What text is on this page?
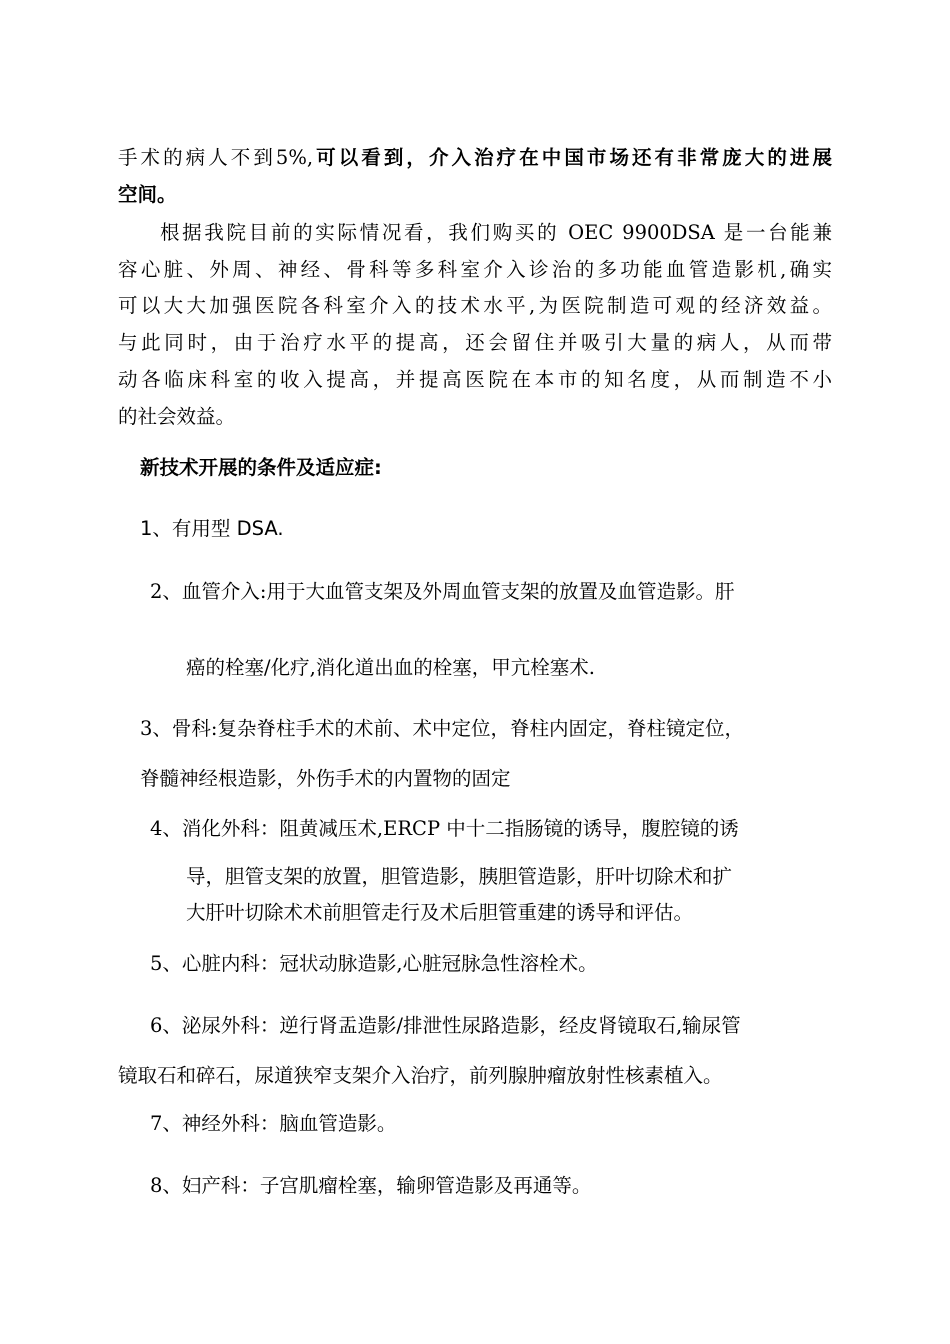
手术的病人不到5%,可以看到，介入治疗在中国市场还有非常庞大的进展
空间。
根据我院目前的实际情况看，我们购买的 OEC 9900DSA 是一台能兼
容心脏、外周、神经、骨科等多科室介入诊治的多功能血管造影机,确实
可以大大加强医院各科室介入的技术水平,为医院制造可观的经济效益。
与此同时，由于治疗水平的提高，还会留住并吸引大量的病人，从而带
动各临床科室的收入提高，并提高医院在本市的知名度，从而制造不小
的社会效益。
新技术开展的条件及适应症:
1、有用型 DSA.
2、血管介入:用于大血管支架及外周血管支架的放置及血管造影。肝
癌的栓塞/化疗,消化道出血的栓塞，甲亢栓塞术.
3、骨科:复杂脊柱手术的术前、术中定位，脊柱内固定，脊柱镜定位，
脊髓神经根造影，外伤手术的内置物的固定
4、消化外科：阻黄减压术,ERCP 中十二指肠镜的诱导，腹腔镜的诱
导，胆管支架的放置，胆管造影，胰胆管造影，肝叶切除术和扩
大肝叶切除术术前胆管走行及术后胆管重建的诱导和评估。
5、心脏内科：冠状动脉造影,心脏冠脉急性溶栓术。
6、泌尿外科：逆行肾盂造影/排泄性尿路造影，经皮肾镜取石,输尿管
镜取石和碎石，尿道狭窄支架介入治疗，前列腺肿瘤放射性核素植入。
7、神经外科：脑血管造影。
8、妇产科：子宫肌瘤栓塞，输卵管造影及再通等。
